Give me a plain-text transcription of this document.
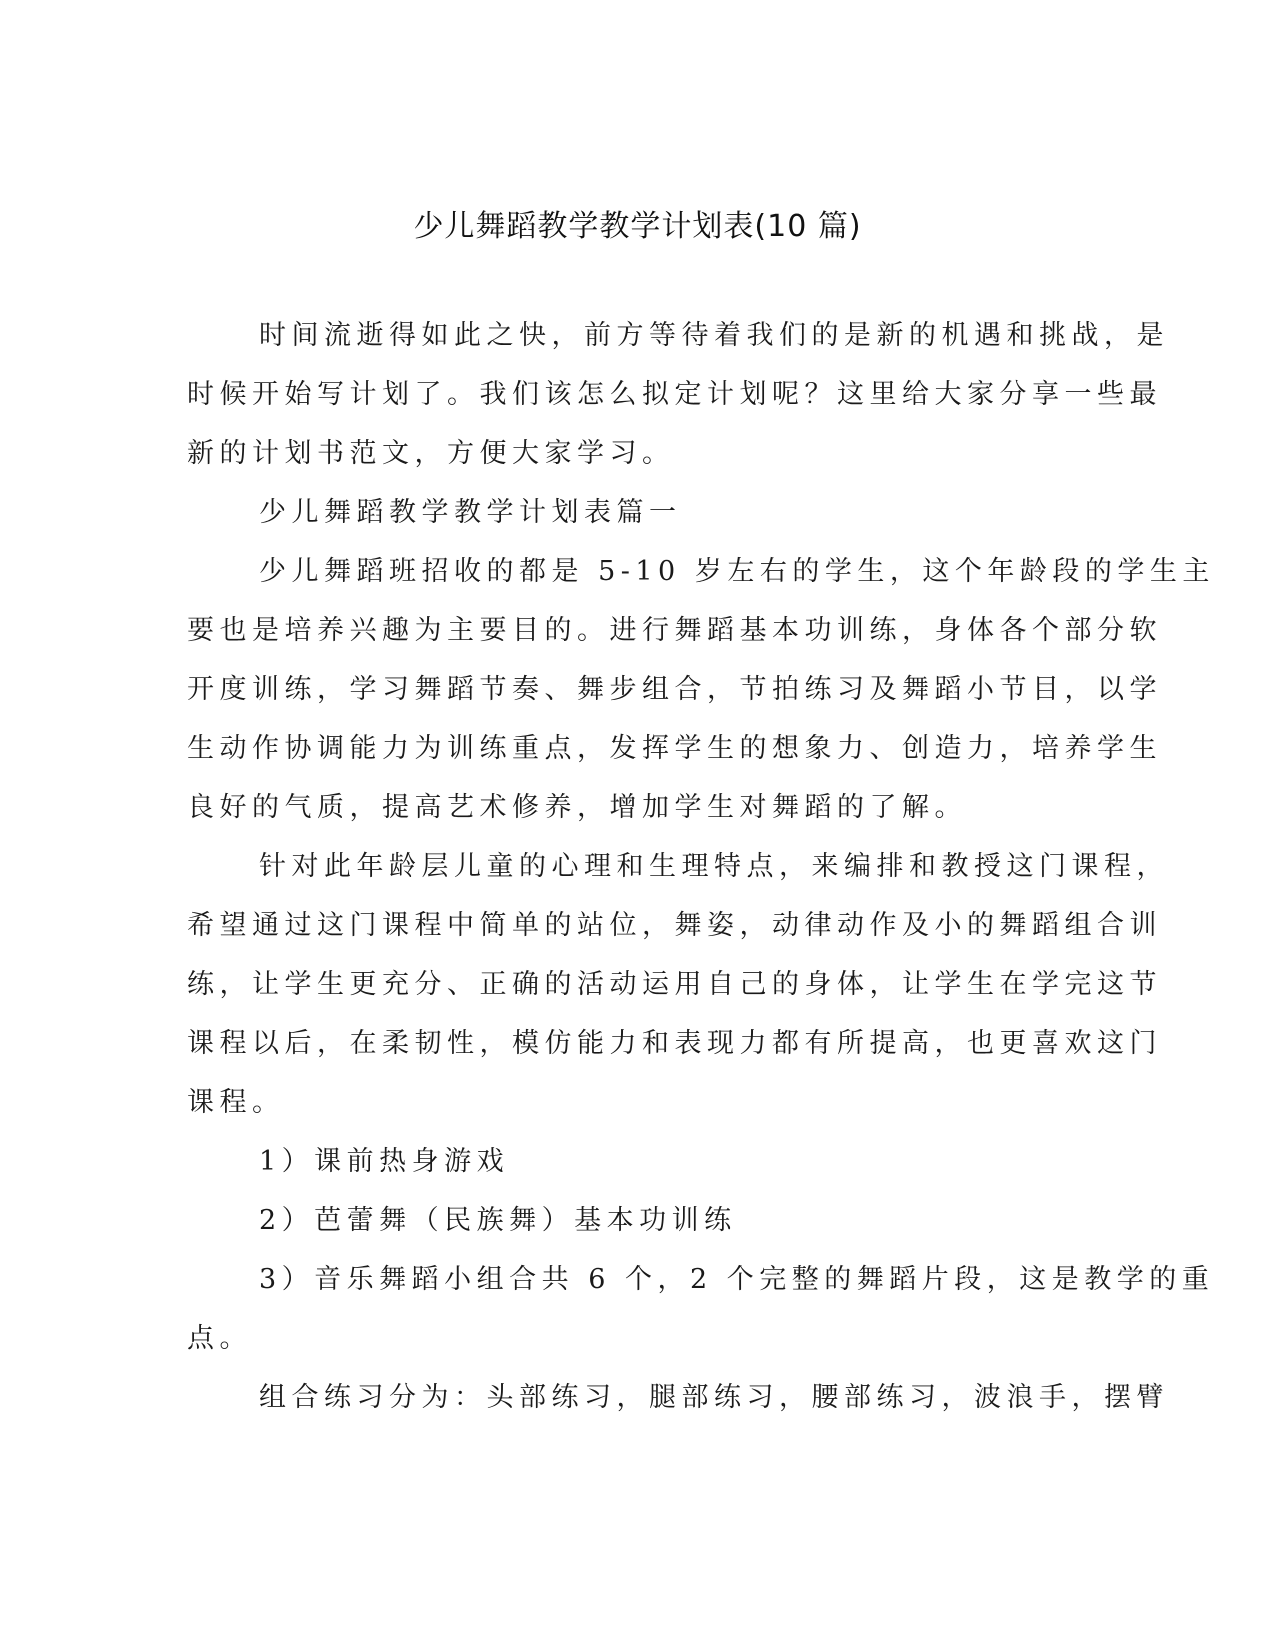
少儿舞蹈教学教学计划表(10 篇)
时间流逝得如此之快，前方等待着我们的是新的机遇和挑战，是
时候开始写计划了。我们该怎么拟定计划呢？这里给大家分享一些最
新的计划书范文，方便大家学习。
少儿舞蹈教学教学计划表篇一
少儿舞蹈班招收的都是 5-10 岁左右的学生，这个年龄段的学生主
要也是培养兴趣为主要目的。进行舞蹈基本功训练，身体各个部分软
开度训练，学习舞蹈节奏、舞步组合，节拍练习及舞蹈小节目，以学
生动作协调能力为训练重点，发挥学生的想象力、创造力，培养学生
良好的气质，提高艺术修养，增加学生对舞蹈的了解。
针对此年龄层儿童的心理和生理特点，来编排和教授这门课程，
希望通过这门课程中简单的站位，舞姿，动律动作及小的舞蹈组合训
练，让学生更充分、正确的活动运用自己的身体，让学生在学完这节
课程以后，在柔韧性，模仿能力和表现力都有所提高，也更喜欢这门
课程。
1）课前热身游戏
2）芭蕾舞（民族舞）基本功训练
3）音乐舞蹈小组合共 6 个，2 个完整的舞蹈片段，这是教学的重
点。
组合练习分为：头部练习，腿部练习，腰部练习，波浪手，摆臂
